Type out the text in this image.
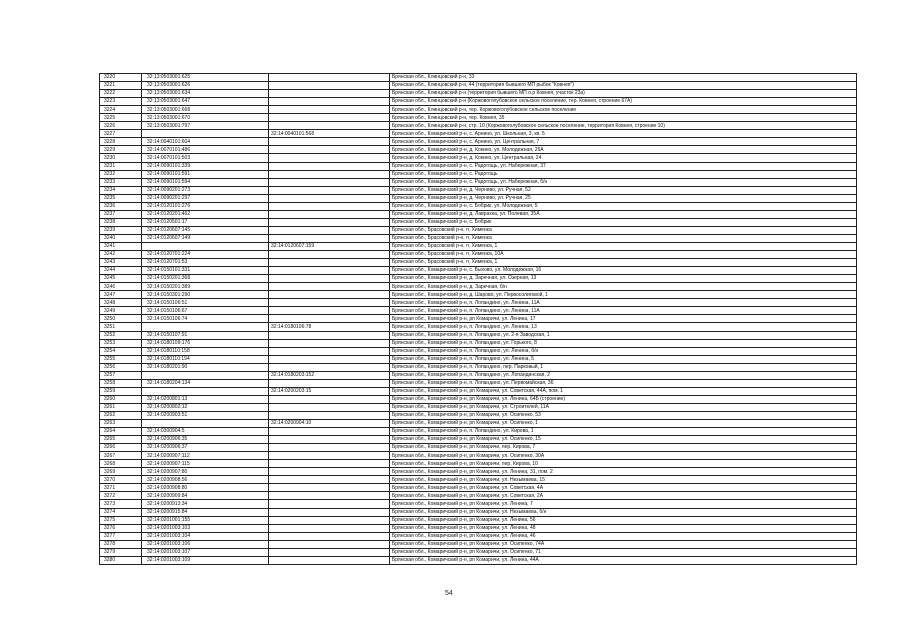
3220	32:13:0503001:625		Брянская обл., Клинцовский р-н, 33
3221	32:13:0503001:626		Брянская обл., Клинцовский р-н, 44 (территория бывшего МП рыбок "Ковнея")
3222	32:13:0503001:634		Брянская обл., Клинцовский р-н (территория бывшего МП о.р Ковнея, участок 23а)
3223	32:13:0503001:647		Брянская обл., Клинцовский р-н (Коржовоголубовское сельское поселение, тер. Ковнея, строение 67А)
3224	32:13:0503001:668		Брянская обл., Клинцовский р-н, тер. Коржовоголубовское сельское поселение
3225	32:13:0503001:670		Брянская обл., Клинцовский р-н, тер. Ковнея, 35
3226	32:13:0503001:797		Брянская обл., Клинцовский р-н, стр. 10 (Коржовоголубовское сельское поселение, территория Ковнея, строение 10)
3227		32:14:0040101:568	Брянская обл., Комаричский р-н, с. Арнино, ул. Школьная, 3, кв. 5
3228	32:14:0040101:604		Брянская обл., Комаричский р-н, с. Арнино, ул. Центральная, 7
3229	32:14:0070101:486		Брянская обл., Комаричский р-н, д. Кокино, ул. Молодежная, 26А
3230	32:14:0070101:503		Брянская обл., Комаричский р-н, д. Кокино, ул. Центральная, 24
3231	32:14:0090101:339		Брянская обл., Комаричский р-н, с. Радогощь, ул. Набережная, 37
3232	32:14:0090101:591		Брянская обл., Комаричский р-н, с. Радогощь
3233	32:14:0090101:594		Брянская обл., Комаричский р-н, с. Радогощь, ул. Набережная, б/н
3234	32:14:0090201:273		Брянская обл., Комаричский р-н, д. Черняво, ул. Ручная, 52
3235	32:14:0090201:297		Брянская обл., Комаричский р-н, д. Черняво, ул. Ручная, 25
3236	32:14:0120101:276		Брянская обл., Комаричский р-н, с. Бобрик, ул. Молодежная, 5
3237	32:14:0120201:462		Брянская обл., Комаричский р-н, д. Лаврахка, ул. Полевая, 35А
3238	32:14:0120501:17		Брянская обл., Комаричский р-н, с. Бобрик
3239	32:14:0120607:145		Брянская обл., Брасовский р-н, п. Хименка
3240	32:14:0120607:149		Брянская обл., Брасовский р-н, п. Хименка
3241		32:14:0120607:159	Брянская обл., Брасовский р-н, п. Хименка, 1
3242	32:14:0120701:224		Брянская обл., Брасовский р-н, п. Хименка, 10А
3243	32:14:0120701:53		Брянская обл., Брасовский р-н, п. Хименка, 1
3244	32:14:0150101:331		Брянская обл., Комаричский р-н, с. Быхово, ул. Молодежная, 16
3245	32:14:0150201:368		Брянская обл., Комаричский р-н, д. Заречная, ул. Озерная, 13
3246	32:14:0150201:389		Брянская обл., Комаричский р-н, д. Заречная, б/н
3247	32:14:0150301:290		Брянская обл., Комаричский р-н, д. Шарово, ул. Первосолиговой, 1
3248	32:14:0150106:51		Брянская обл., Комаричский р-н, п. Лопандино, ул. Ленина, 11А
3249	32:14:0150106:67		Брянская обл., Комаричский р-н, п. Лопандино, ул. Ленина, 11А
3250	32:14:0150106:74		Брянская обл., Комаричский р-н, рп Комаричи, ул. Ленина, 17
3251		32:14:0180106:78	Брянская обл., Комаричский р-н, п. Лопандино, ул. Ленина, 13
3252	32:14:0150107:91		Брянская обл., Комаричский р-н, п. Лопандино, ул. 2-я Заводская, 1
3253	32:14:0180109:176		Брянская обл., Комаричский р-н, п. Лопандино, ул. Горького, 8
3254	32:14:0180110:158		Брянская обл., Комаричский р-н, п. Лопандино, ул. Ленина, б/н
3255	32:14:0180110:194		Брянская обл., Комаричский р-н, п. Лопандино, ул. Ленина, 5
3256	32:14:0180201:90		Брянская обл., Комаричский р-н, п. Лопандино, пер. Парковый, 1
3257		32:14:0180203:152	Брянская обл., Комаричский р-н, п. Лопандино, ул. Лопандинская, 2
3258	32:14:0180204:134		Брянская обл., Комаричский р-н, п. Лопандино, ул. Первомайская, 36
3259		32:14:0200203:15	Брянская обл., Комаричский р-н, рп Комаричи, ул. Советская, 44А, пом. 1
3260	32:14:0200801:13		Брянская обл., Комаричский р-н, рп Комаричи, ул. Ленина, 64Б (строение)
3261	32:14:0200802:12		Брянская обл., Комаричский р-н, рп Комаричи, ул. Строителей, 11А
3262	32:14:0200903:51		Брянская обл., Комаричский р-н, рп Комаричи, ул. Осипенко, 53
3263		32:14:0200904:10	Брянская обл., Комаричский р-н, рп Комаричи, ул. Осипенко, 1
3264	32:14:0300904:5		Брянская обл., Комаричский р-н, п. Лопандино, ул. Кирова, 1
3265	32:14:0200906:35		Брянская обл., Комаричский р-н, рп Комаричи, ул. Осипенко, 15
3266	32:14:0200906:37		Брянская обл., Комаричский р-н, рп Комаричи, пер. Кирова, 7
3267	32:14:0200907:112		Брянская обл., Комаричский р-н, рп Комаричи, ул. Осипенко, 30А
3268	32:14:0200907:115		Брянская обл., Комаричский р-н, рп Комаричи, пер. Кирова, 10
3269	32:14:0200907:80		Брянская обл., Комаричский р-н, рп Комаричи, ул. Ленина, 31, пом. 2
3270	32:14:0200908:56		Брянская обл., Комаричский р-н, рп Комаричи, ул. Незымаева, 15
3271	32:14:0200908:80		Брянская обл., Комаричский р-н, рп Комаричи, ул. Советская, 4А
3272	32:14:0200909:84		Брянская обл., Комаричский р-н, рп Комаричи, ул. Советская, 2А
3273	32:14:0200913:34		Брянская обл., Комаричский р-н, рп Комаричи, ул. Ленина, 7
3274	32:14:0200915:84		Брянская обл., Комаричский р-н, рп Комаричи, ул. Незымаева, б/н
3275	32:14:0201001:155		Брянская обл., Комаричский р-н, рп Комаричи, ул. Ленина, 56
3276	32:14:0201003:103		Брянская обл., Комаричский р-н, рп Комаричи, ул. Ленина, 48
3277	32:14:0201003:104		Брянская обл., Комаричский р-н, рп Комаричи, ул. Ленина, 46
3278	32:14:0201003:106		Брянская обл., Комаричский р-н, рп Комаричи, ул. Осипенко, 74А
3279	32:14:0201003:107		Брянская обл., Комаричский р-н, рп Комаричи, ул. Осипенко, 71
3280	32:14:0201003:109		Брянская обл., Комаричский р-н, рп Комаричи, ул. Ленина, 44А
54
